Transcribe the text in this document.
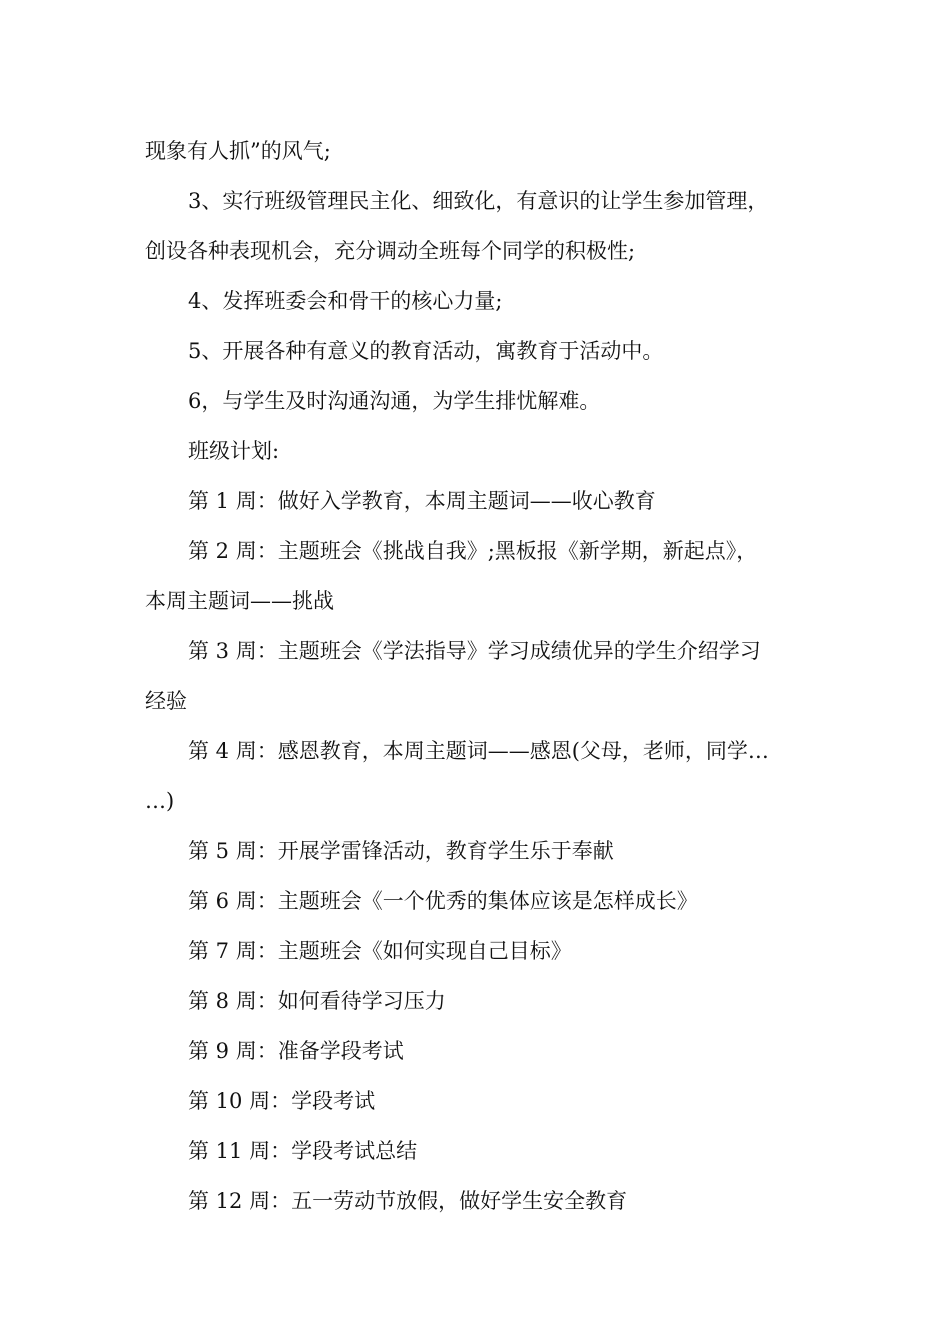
现象有人抓”的风气;
3、实行班级管理民主化、细致化，有意识的让学生参加管理，
创设各种表现机会，充分调动全班每个同学的积极性;
4、发挥班委会和骨干的核心力量;
5、开展各种有意义的教育活动，寓教育于活动中。
6，与学生及时沟通沟通，为学生排忧解难。
班级计划:
第 1 周：做好入学教育，本周主题词——收心教育
第 2 周：主题班会《挑战自我》;黑板报《新学期，新起点》，
本周主题词——挑战
第 3 周：主题班会《学法指导》学习成绩优异的学生介绍学习
经验
第 4 周：感恩教育，本周主题词——感恩(父母，老师，同学…
…)
第 5 周：开展学雷锋活动，教育学生乐于奉献
第 6 周：主题班会《一个优秀的集体应该是怎样成长》
第 7 周：主题班会《如何实现自己目标》
第 8 周：如何看待学习压力
第 9 周：准备学段考试
第 10 周：学段考试
第 11 周：学段考试总结
第 12 周：五一劳动节放假，做好学生安全教育
